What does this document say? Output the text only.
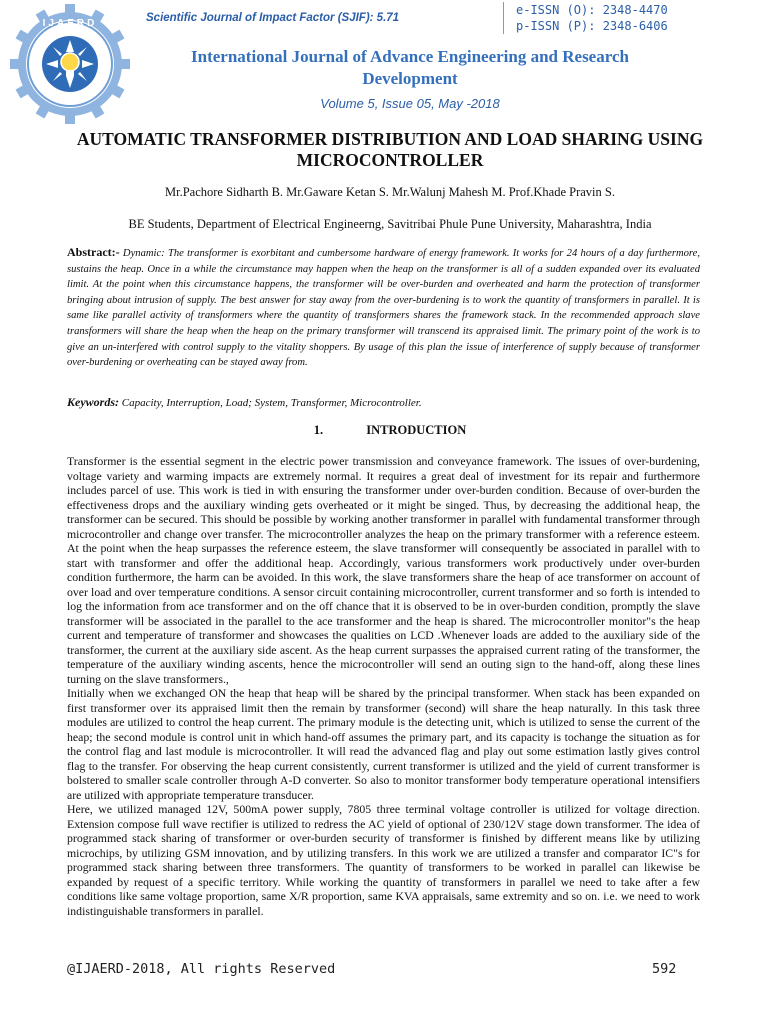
IJAERD	Scientific Journal of Impact Factor (SJIF): 5.71
e-ISSN (O): 2348-4470
p-ISSN (P): 2348-6406
International Journal of Advance Engineering and Research
Development
Volume 5, Issue 05, May -2018
AUTOMATIC TRANSFORMER DISTRIBUTION AND LOAD SHARING USING
MICROCONTROLLER
Mr.Pachore Sidharth B. Mr.Gaware Ketan S. Mr.Walunj Mahesh M. Prof.Khade Pravin S.
BE Students, Department of Electrical Engineerng, Savitribai Phule Pune University, Maharashtra, India
Abstract:- Dynamic: The transformer is exorbitant and cumbersome hardware of energy framework. It works for 24 hours of a day furthermore, sustains the heap. Once in a while the circumstance may happen when the heap on the transformer is all of a sudden expanded over its evaluated limit. At the point when this circumstance happens, the transformer will be over-burden and overheated and harm the protection of transformer bringing about intrusion of supply. The best answer for stay away from the over-burdening is to work the quantity of transformers in parallel. It is same like parallel activity of transformers where the quantity of transformers shares the framework stack. In the recommended approach slave transformers will share the heap when the heap on the primary transformer will transcend its appraised limit. The primary point of the work is to give an un-interfered with control supply to the vitality shoppers. By usage of this plan the issue of interference of supply because of transformer over-burdening or overheating can be stayed away from.
Keywords: Capacity, Interruption, Load; System, Transformer, Microcontroller.
1.	INTRODUCTION

Transformer is the essential segment in the electric power transmission and conveyance framework. The issues of over-burdening, voltage variety and warming impacts are extremely normal. It requires a great deal of investment for its repair and furthermore includes parcel of use. This work is tied in with ensuring the transformer under over-burden condition. Because of over-burden the effectiveness drops and the auxiliary winding gets overheated or it might be singed. Thus, by decreasing the additional heap, the transformer can be secured. This should be possible by working another transformer in parallel with fundamental transformer through microcontroller and change over transfer. The microcontroller analyzes the heap on the primary transformer with a reference esteem. At the point when the heap surpasses the reference esteem, the slave transformer will consequently be associated in parallel with to start with transformer and offer the additional heap. Accordingly, various transformers work productively under over-burden condition furthermore, the harm can be avoided. In this work, the slave transformers share the heap of ace transformer on account of over load and over temperature conditions. A sensor circuit containing microcontroller, current transformer and so forth is intended to log the information from ace transformer and on the off chance that it is observed to be in over-burden condition, promptly the slave transformer will be associated in the parallel to the ace transformer and the heap is shared. The microcontroller monitor"s the heap current and temperature of transformer and showcases the qualities on LCD .Whenever loads are added to the auxiliary side of the transformer, the current at the auxiliary side ascent. As the heap current surpasses the appraised current rating of the transformer, the temperature of the auxiliary winding ascents, hence the microcontroller will send an outing sign to the hand-off, along these lines turning on the slave transformers.,

Initially when we exchanged ON the heap that heap will be shared by the principal transformer. When stack has been expanded on first transformer over its appraised limit then the remain by transformer (second) will share the heap naturally. In this task three modules are utilized to control the heap current. The primary module is the detecting unit, which is utilized to sense the current of the heap; the second module is control unit in which hand-off assumes the primary part, and its capacity is tochange the situation as for the control flag and last module is microcontroller. It will read the advanced flag and play out some estimation lastly gives control flag to the transfer. For observing the heap current consistently, current transformer is utilized and the yield of current transformer is bolstered to smaller scale controller through A-D converter. So also to monitor transformer body temperature operational intensifiers are utilized with appropriate temperature transducer.

Here, we utilized managed 12V, 500mA power supply, 7805 three terminal voltage controller is utilized for voltage direction. Extension compose full wave rectifier is utilized to redress the AC yield of optional of 230/12V stage down transformer. The idea of programmed stack sharing of transformer or over-burden security of transformer is finished by different means like by utilizing microchips, by utilizing GSM innovation, and by utilizing transfers. In this work we are utilized a transfer and comparator IC"s for programmed stack sharing between three transformers. The quantity of transformers to be worked in parallel can likewise be expanded by request of a specific territory. While working the quantity of transformers in parallel we need to take after a few conditions like same voltage proportion, same X/R proportion, same KVA appraisals, same extremity and so on. i.e. we need to work indistinguishable transformers in parallel.

@IJAERD-2018, All rights Reserved	592
